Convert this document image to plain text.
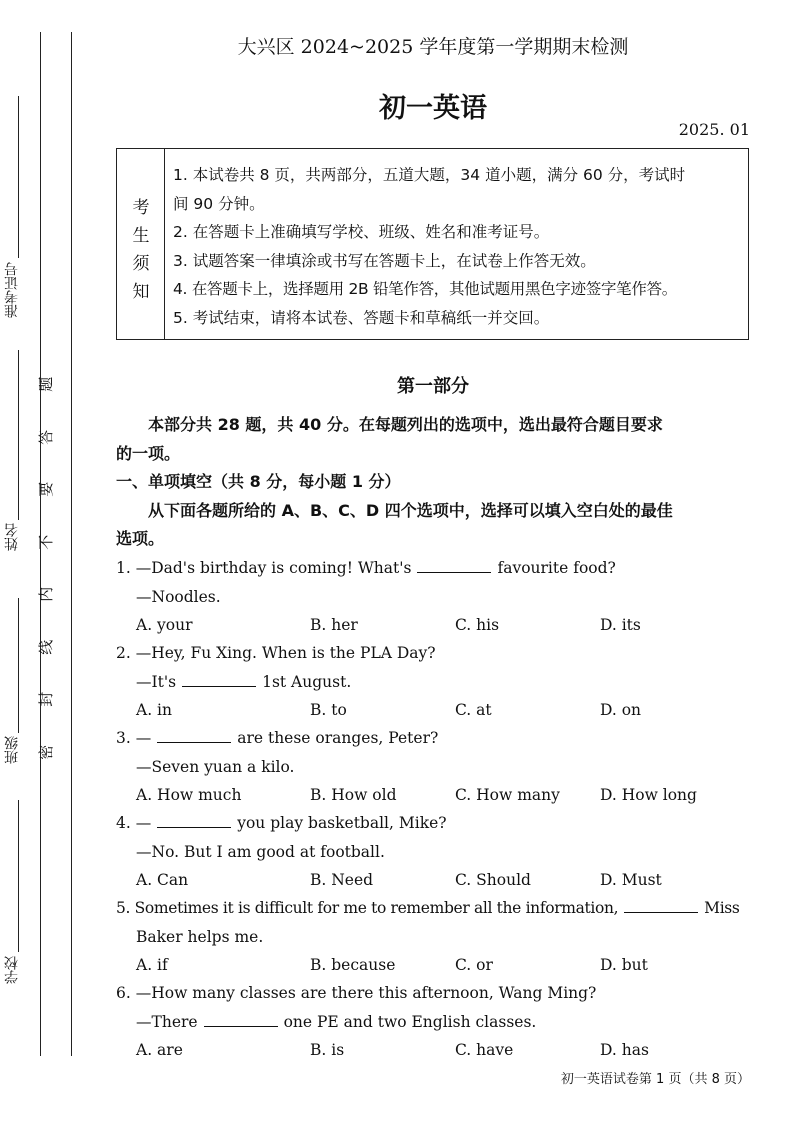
准考证号
姓名
班级
学校
题
答
要
不
内
线
封
密
大兴区 2024~2025 学年度第一学期期末检测
初一英语
2025. 01
考
生
须
知
1. 本试卷共 8 页，共两部分，五道大题，34 道小题，满分 60 分，考试时
间 90 分钟。
2. 在答题卡上准确填写学校、班级、姓名和准考证号。
3. 试题答案一律填涂或书写在答题卡上，在试卷上作答无效。
4. 在答题卡上，选择题用 2B 铅笔作答，其他试题用黑色字迹签字笔作答。
5. 考试结束，请将本试卷、答题卡和草稿纸一并交回。
第一部分
本部分共 28 题，共 40 分。在每题列出的选项中，选出最符合题目要求
的一项。
一、单项填空（共 8 分，每小题 1 分）
从下面各题所给的 A、B、C、D 四个选项中，选择可以填入空白处的最佳
选项。
1. —Dad's birthday is coming! What's	favourite food?
—Noodles.
A. your	B. her	C. his	D. its
2. —Hey, Fu Xing. When is the PLA Day?
—It's	1st August.
A. in	B. to	C. at	D. on
3. —	are these oranges, Peter?
—Seven yuan a kilo.
A. How much	B. How old	C. How many	D. How long
4. —	you play basketball, Mike?
—No. But I am good at football.
A. Can	B. Need	C. Should	D. Must
5. Sometimes it is difficult for me to remember all the information,	Miss
Baker helps me.
A. if	B. because	C. or	D. but
6. —How many classes are there this afternoon, Wang Ming?
—There	one PE and two English classes.
A. are	B. is	C. have	D. has
初一英语试卷第 1 页（共 8 页）
